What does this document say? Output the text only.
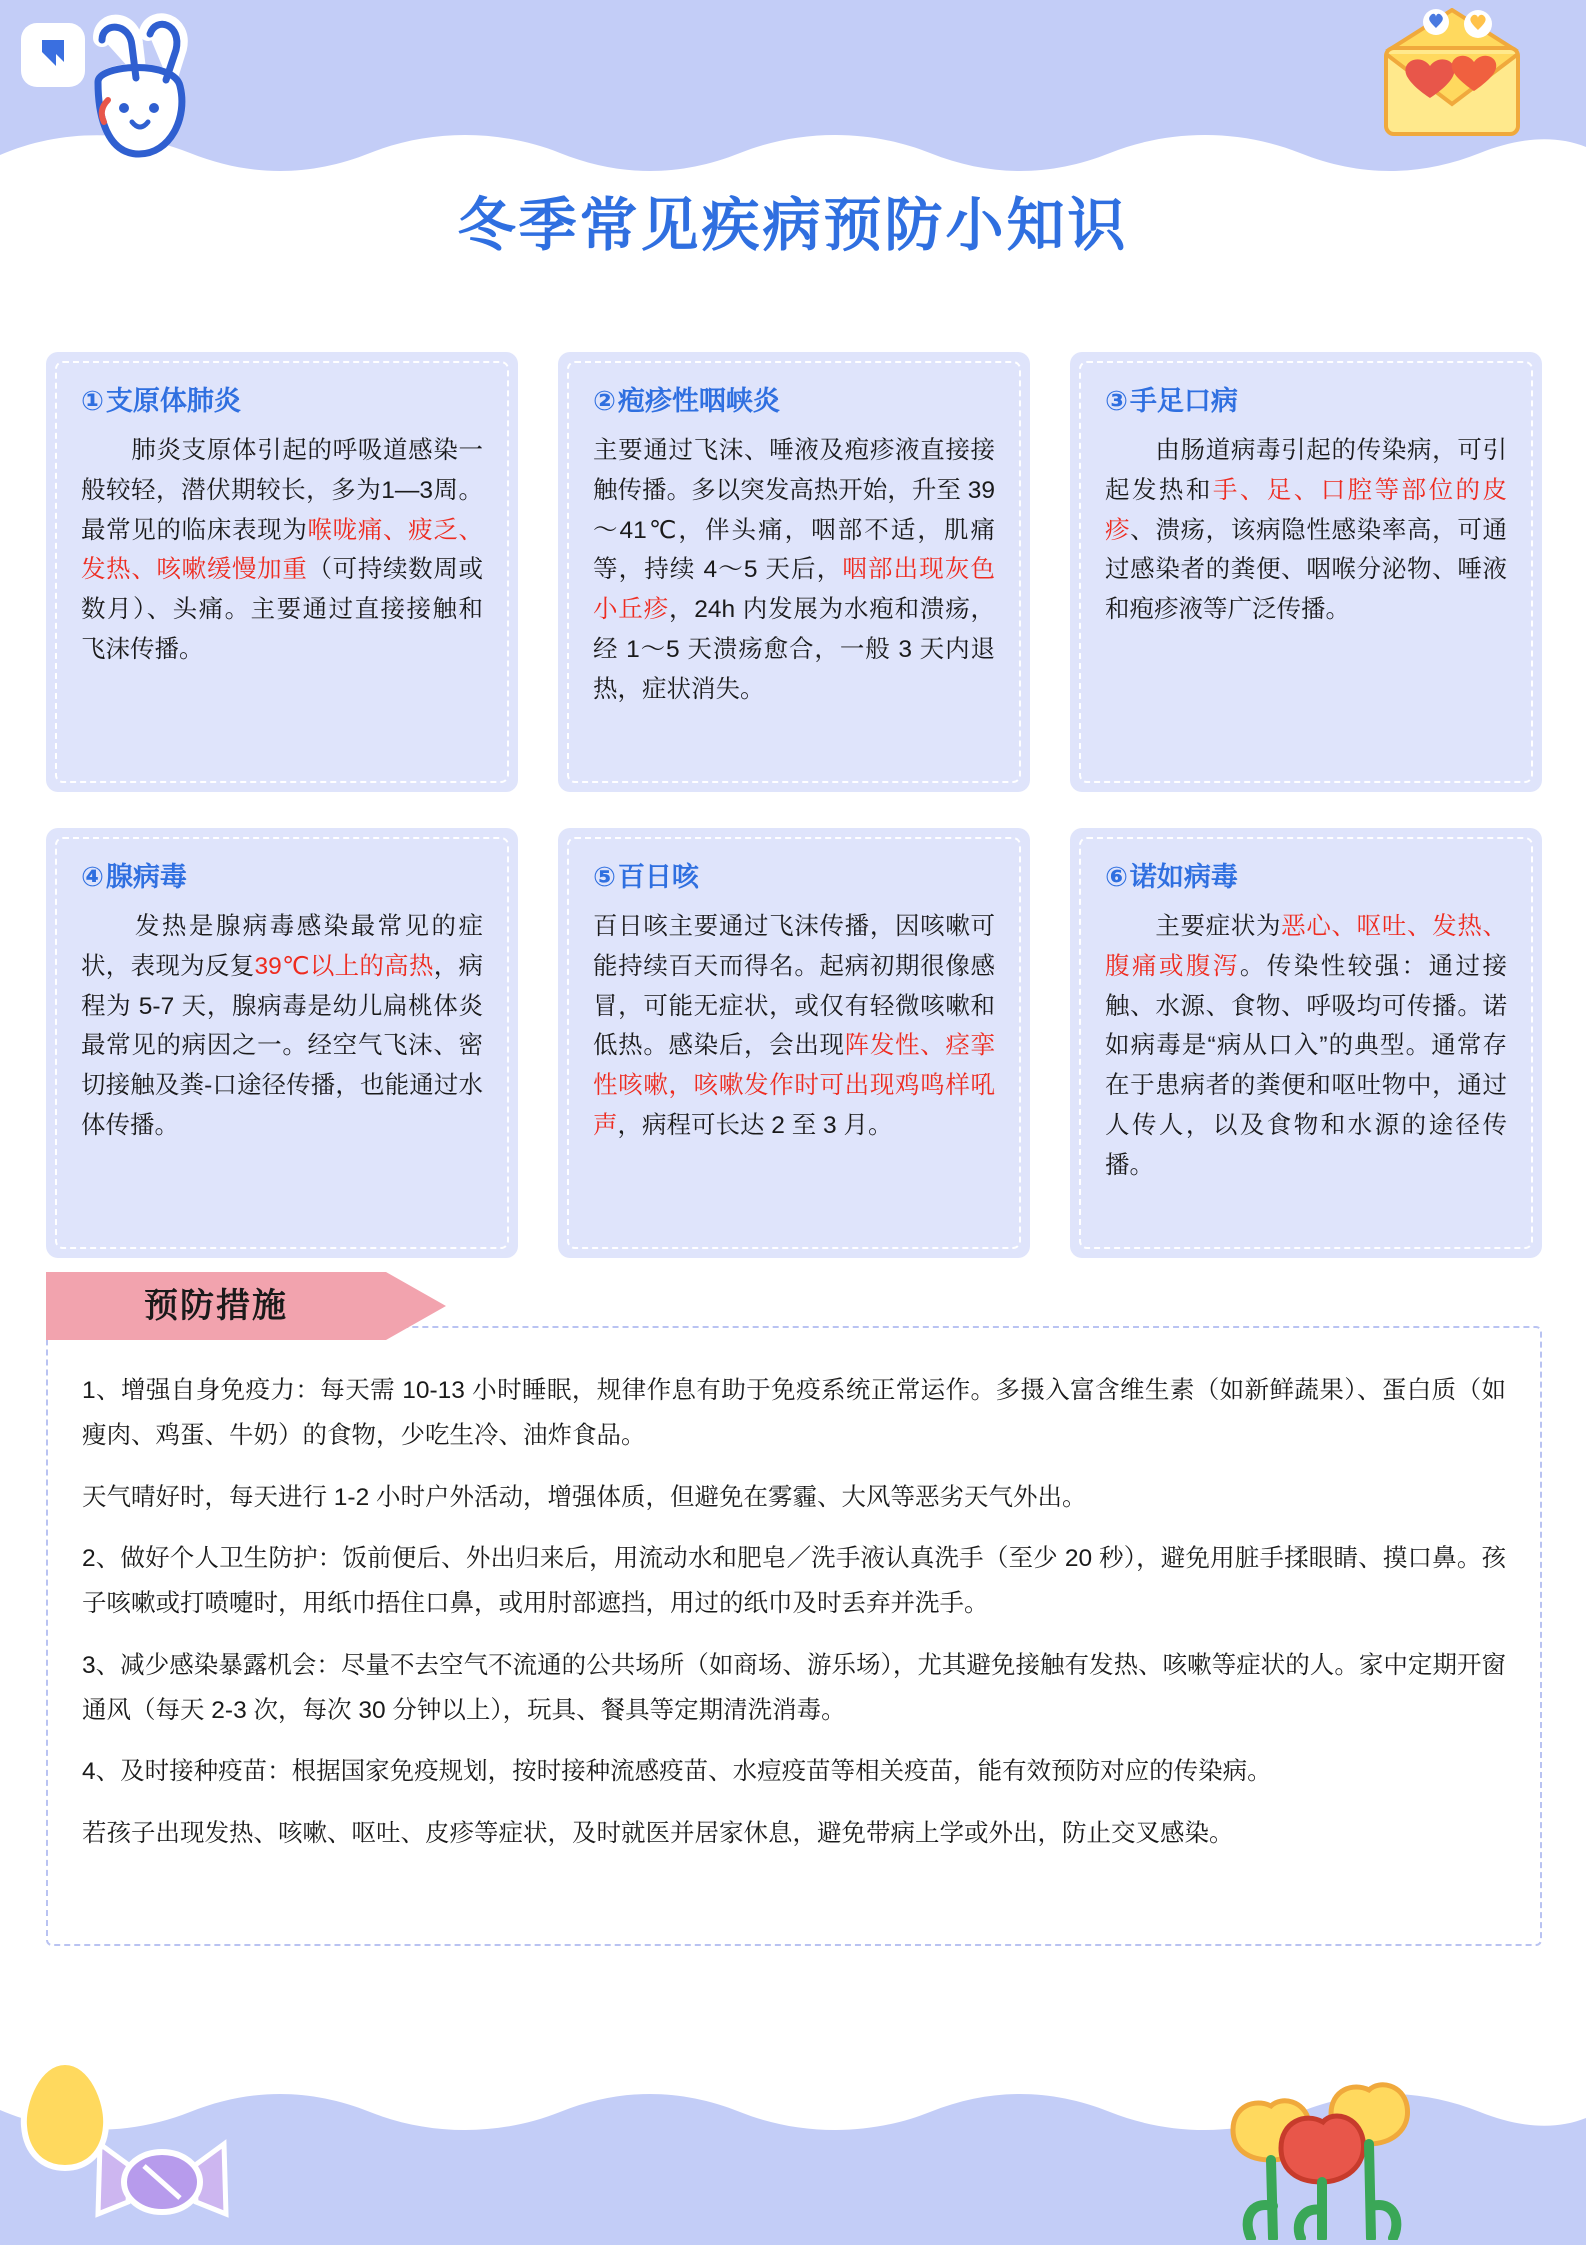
冬季常见疾病预防小知识
①支原体肺炎
　　肺炎支原体引起的呼吸道感染一般较轻，潜伏期较长，多为1—3周。最常见的临床表现为喉咙痛、疲乏、发热、咳嗽缓慢加重（可持续数周或数月）、头痛。主要通过直接接触和飞沫传播。
②疱疹性咽峡炎
主要通过飞沫、唾液及疱疹液直接接触传播。多以突发高热开始，升至 39～41℃，伴头痛，咽部不适，肌痛等，持续 4～5 天后，咽部出现灰色小丘疹，24h 内发展为水疱和溃疡，经 1～5 天溃疡愈合，一般 3 天内退热，症状消失。
③手足口病
　　由肠道病毒引起的传染病，可引起发热和手、足、口腔等部位的皮疹、溃疡，该病隐性感染率高，可通过感染者的粪便、咽喉分泌物、唾液和疱疹液等广泛传播。
④腺病毒
　　发热是腺病毒感染最常见的症状，表现为反复39℃以上的高热，病程为 5-7 天，腺病毒是幼儿扁桃体炎最常见的病因之一。经空气飞沫、密切接触及粪-口途径传播，也能通过水体传播。
⑤百日咳
百日咳主要通过飞沫传播，因咳嗽可能持续百天而得名。起病初期很像感冒，可能无症状，或仅有轻微咳嗽和低热。感染后，会出现阵发性、痉挛性咳嗽，咳嗽发作时可出现鸡鸣样吼声，病程可长达 2 至 3 月。
⑥诺如病毒
　　主要症状为恶心、呕吐、发热、腹痛或腹泻。传染性较强：通过接触、水源、食物、呼吸均可传播。诺如病毒是“病从口入”的典型。通常存在于患病者的粪便和呕吐物中，通过人传人，以及食物和水源的途径传播。

1、增强自身免疫力：每天需 10-13 小时睡眠，规律作息有助于免疫系统正常运作。多摄入富含维生素（如新鲜蔬果）、蛋白质（如瘦肉、鸡蛋、牛奶）的食物，少吃生冷、油炸食品。

天气晴好时，每天进行 1-2 小时户外活动，增强体质，但避免在雾霾、大风等恶劣天气外出。

2、做好个人卫生防护：饭前便后、外出归来后，用流动水和肥皂／洗手液认真洗手（至少 20 秒），避免用脏手揉眼睛、摸口鼻。孩子咳嗽或打喷嚏时，用纸巾捂住口鼻，或用肘部遮挡，用过的纸巾及时丢弃并洗手。

3、减少感染暴露机会：尽量不去空气不流通的公共场所（如商场、游乐场），尤其避免接触有发热、咳嗽等症状的人。家中定期开窗通风（每天 2-3 次，每次 30 分钟以上），玩具、餐具等定期清洗消毒。

4、及时接种疫苗：根据国家免疫规划，按时接种流感疫苗、水痘疫苗等相关疫苗，能有效预防对应的传染病。

若孩子出现发热、咳嗽、呕吐、皮疹等症状，及时就医并居家休息，避免带病上学或外出，防止交叉感染。

预防措施
